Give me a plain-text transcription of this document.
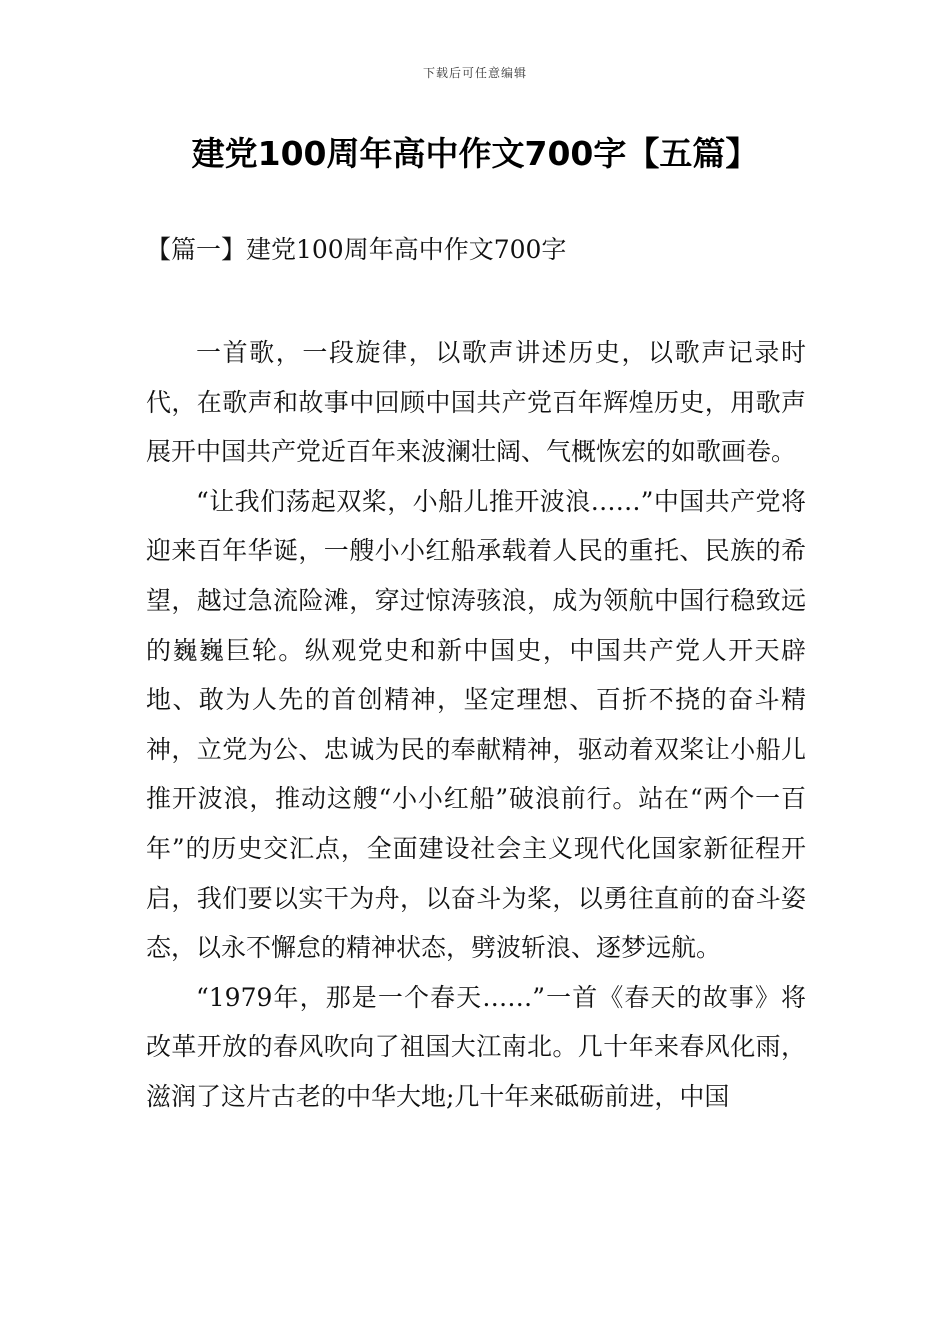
下载后可任意编辑
建党100周年高中作文700字【五篇】
【篇一】建党100周年高中作文700字

一首歌，一段旋律，以歌声讲述历史，以歌声记录时代，在歌声和故事中回顾中国共产党百年辉煌历史，用歌声展开中国共产党近百年来波澜壮阔、气概恢宏的如歌画卷。

“让我们荡起双桨，小船儿推开波浪……”中国共产党将迎来百年华诞，一艘小小红船承载着人民的重托、民族的希望，越过急流险滩，穿过惊涛骇浪，成为领航中国行稳致远的巍巍巨轮。纵观党史和新中国史，中国共产党人开天辟地、敢为人先的首创精神，坚定理想、百折不挠的奋斗精神，立党为公、忠诚为民的奉献精神，驱动着双桨让小船儿推开波浪，推动这艘“小小红船”破浪前行。站在“两个一百年”的历史交汇点，全面建设社会主义现代化国家新征程开启，我们要以实干为舟，以奋斗为桨，以勇往直前的奋斗姿态，以永不懈怠的精神状态，劈波斩浪、逐梦远航。

“1979年，那是一个春天……”一首《春天的故事》将改革开放的春风吹向了祖国大江南北。几十年来春风化雨，滋润了这片古老的中华大地;几十年来砥砺前进，中国
